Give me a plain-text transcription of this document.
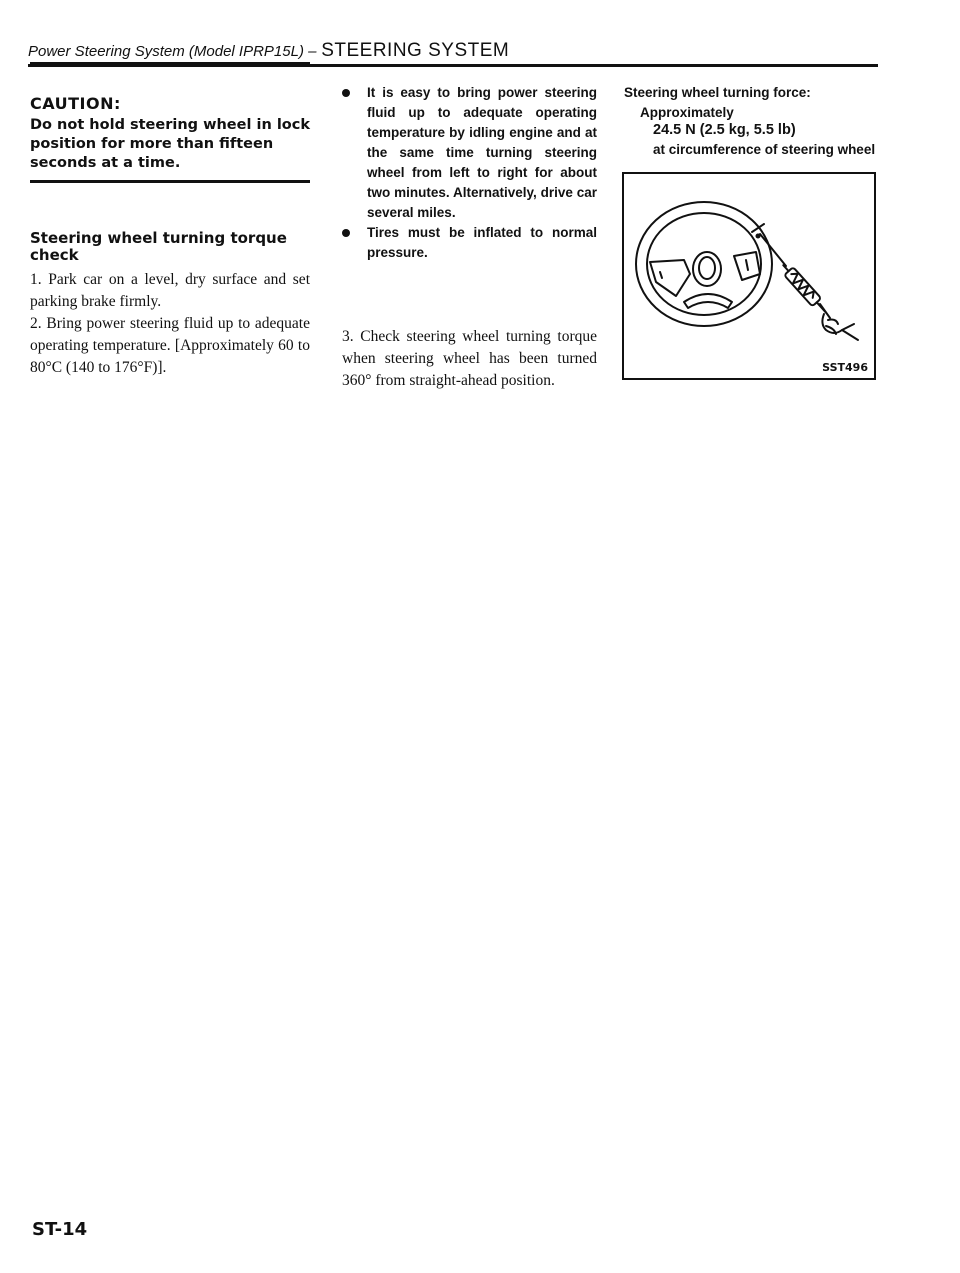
Power Steering System (Model IPRP15L) – STEERING SYSTEM
CAUTION:
Do not hold steering wheel in lock position for more than fifteen seconds at a time.
Steering wheel turning torque check
1. Park car on a level, dry surface and set parking brake firmly.
2. Bring power steering fluid up to adequate operating temperature. [Approximately 60 to 80°C (140 to 176°F)].
It is easy to bring power steering fluid up to adequate operating temperature by idling engine and at the same time turning steering wheel from left to right for about two minutes. Alternatively, drive car several miles.
Tires must be inflated to normal pressure.
3. Check steering wheel turning torque when steering wheel has been turned 360° from straight-ahead position.
Steering wheel turning force:
Approximately
24.5 N (2.5 kg, 5.5 lb)
at circumference of steering wheel
SST496
ST-14
